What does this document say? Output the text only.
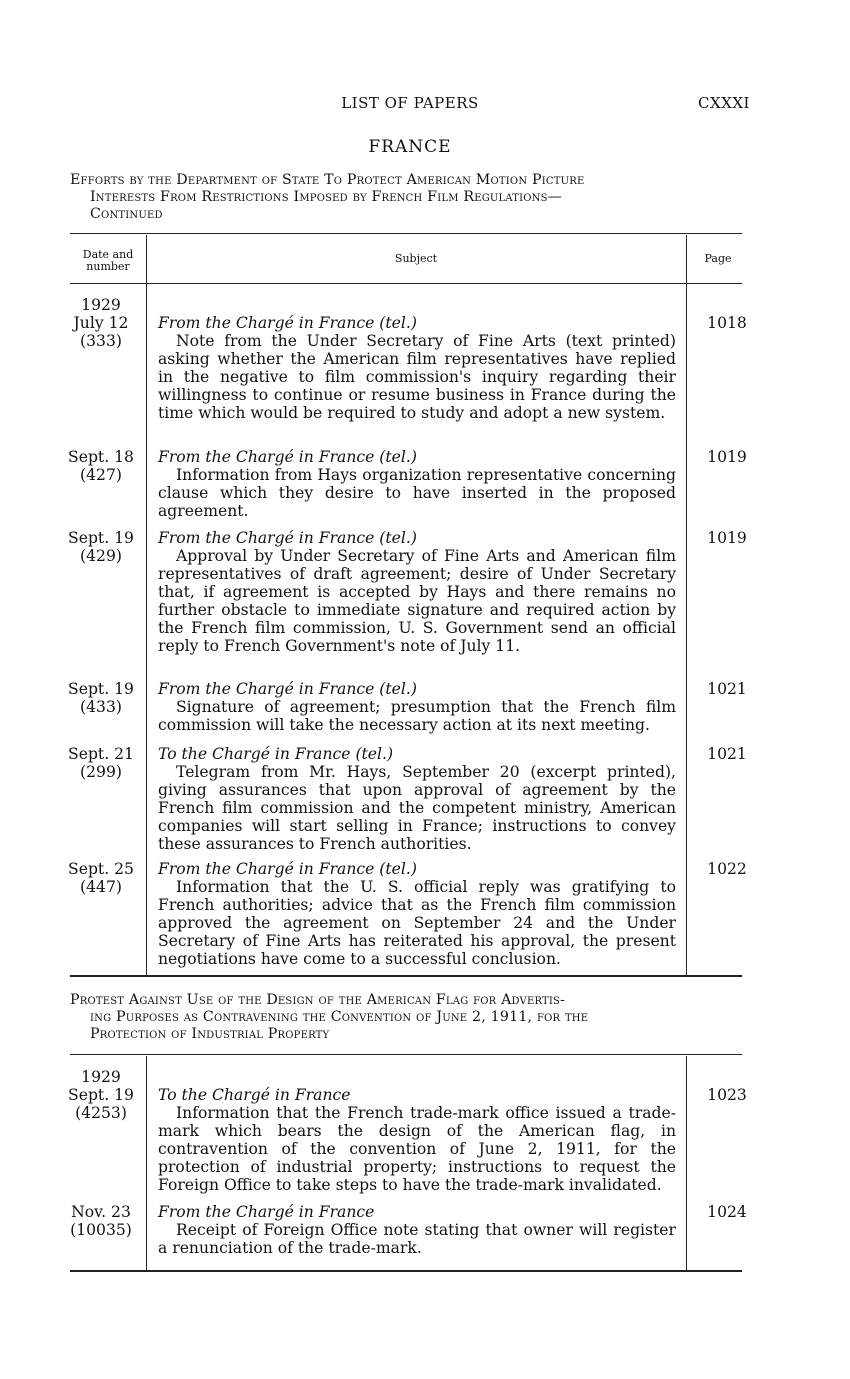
LIST OF PAPERS	CXXXI
FRANCE
Efforts by the Department of State To Protect American Motion Picture
Interests From Restrictions Imposed by French Film Regulations—
Continued
Date and number
Subject	Page
1929
July 12
(333)
From the Chargé in France (tel.)
Note from the Under Secretary of Fine Arts (text printed) asking whether the American film representatives have replied in the negative to film commission's inquiry regarding their willingness to continue or resume business in France during the time which would be required to study and adopt a new system.
1018
Sept. 18
(427)
From the Chargé in France (tel.)
Information from Hays organization representative concerning clause which they desire to have inserted in the proposed agreement.
1019
Sept. 19
(429)
From the Chargé in France (tel.)
Approval by Under Secretary of Fine Arts and American film representatives of draft agreement; desire of Under Secretary that, if agreement is accepted by Hays and there remains no further obstacle to immediate signature and required action by the French film commission, U. S. Government send an official reply to French Government's note of July 11.
1019
Sept. 19
(433)
From the Chargé in France (tel.)
Signature of agreement; presumption that the French film commission will take the necessary action at its next meeting.
1021
Sept. 21
(299)
To the Chargé in France (tel.)
Telegram from Mr. Hays, September 20 (excerpt printed), giving assurances that upon approval of agreement by the French film commission and the competent ministry, American companies will start selling in France; instructions to convey these assurances to French authorities.
1021
Sept. 25
(447)
From the Chargé in France (tel.)
Information that the U. S. official reply was gratifying to French authorities; advice that as the French film commission approved the agreement on September 24 and the Under Secretary of Fine Arts has reiterated his approval, the present negotiations have come to a successful conclusion.
1022
Protest Against Use of the Design of the American Flag for Advertis-
ing Purposes as Contravening the Convention of June 2, 1911, for the
Protection of Industrial Property
1929
Sept. 19
(4253)
To the Chargé in France
Information that the French trade-mark office issued a trade-mark which bears the design of the American flag, in contravention of the convention of June 2, 1911, for the protection of industrial property; instructions to request the Foreign Office to take steps to have the trade-mark invalidated.
1023
Nov. 23
(10035)
From the Chargé in France
Receipt of Foreign Office note stating that owner will register a renunciation of the trade-mark.
1024
